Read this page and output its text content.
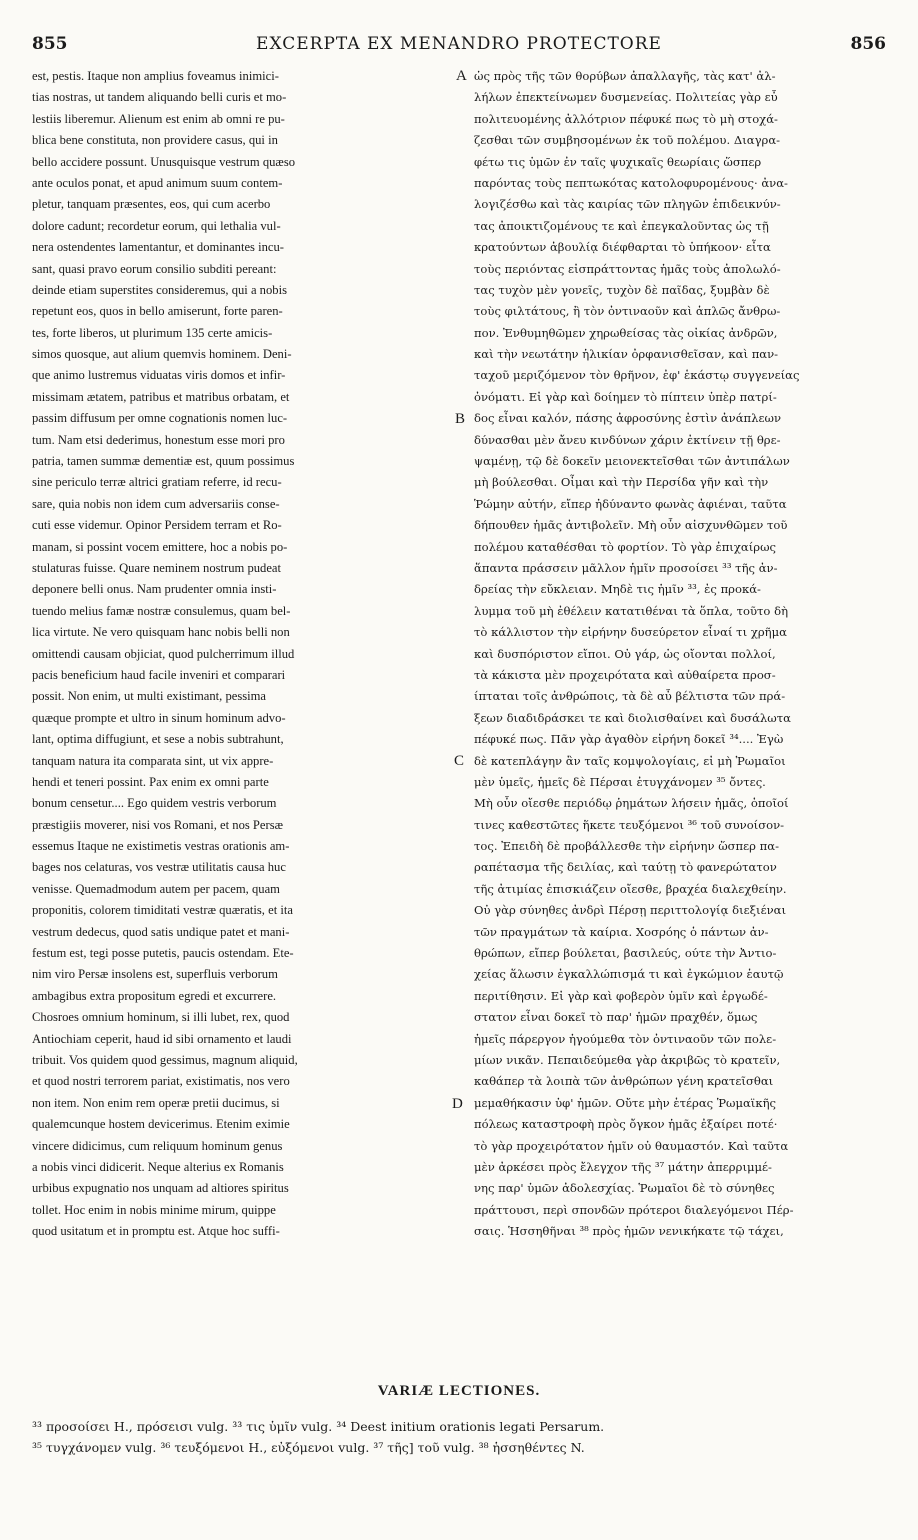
855	EXCERPTA EX MENANDRO PROTECTORE	856
est, pestis. Itaque non amplius foveamus inimici-
tias nostras, ut tandem aliquando belli curis et mo-
lestiis liberemur. Alienum est enim ab omni re pu-
blica bene constituta, non providere casus, qui in
bello accidere possunt. Unusquisque vestrum quæso
ante oculos ponat, et apud animum suum contem-
pletur, tanquam præsentes, eos, qui cum acerbo
dolore cadunt; recordetur eorum, qui lethalia vul-
nera ostendentes lamentantur, et dominantes incu-
sant, quasi pravo eorum consilio subditi pereant:
deinde etiam superstites consideremus, qui a nobis
repetunt eos, quos in bello amiserunt, forte paren-
tes, forte liberos, ut plurimum 135 certe amicis-
simos quosque, aut alium quemvis hominem. Deni-
que animo lustremus viduatas viris domos et infir-
missimam ætatem, patribus et matribus orbatam, et
passim diffusum per omne cognationis nomen luc-
tum. Nam etsi dederimus, honestum esse mori pro
patria, tamen summæ dementiæ est, quum possimus
sine periculo terræ altrici gratiam referre, id recu-
sare, quia nobis non idem cum adversariis conse-
cuti esse videmur. Opinor Persidem terram et Ro-
manam, si possint vocem emittere, hoc a nobis po-
stulaturas fuisse. Quare neminem nostrum pudeat
deponere belli onus. Nam prudenter omnia insti-
tuendo melius famæ nostræ consulemus, quam bel-
lica virtute. Ne vero quisquam hanc nobis belli non
omittendi causam objiciat, quod pulcherrimum illud
pacis beneficium haud facile inveniri et comparari
possit. Non enim, ut multi existimant, pessima
quæque prompte et ultro in sinum hominum advo-
lant, optima diffugiunt, et sese a nobis subtrahunt,
tanquam natura ita comparata sint, ut vix appre-
hendi et teneri possint. Pax enim ex omni parte
bonum censetur.... Ego quidem vestris verborum
præstigiis moverer, nisi vos Romani, et nos Persæ
essemus Itaque ne existimetis vestras orationis am-
bages nos celaturas, vos vestræ utilitatis causa huc
venisse. Quemadmodum autem per pacem, quam
proponitis, colorem timiditati vestræ quæratis, et ita
vestrum dedecus, quod satis undique patet et mani-
festum est, tegi posse putetis, paucis ostendam. Ete-
nim viro Persæ insolens est, superfluis verborum
ambagibus extra propositum egredi et excurrere.
Chosroes omnium hominum, si illi lubet, rex, quod
Antiochiam ceperit, haud id sibi ornamento et laudi
tribuit. Vos quidem quod gessimus, magnum aliquid,
et quod nostri terrorem pariat, existimatis, nos vero
non item. Non enim rem operæ pretii ducimus, si
qualemcunque hostem devicerimus. Etenim eximie
vincere didicimus, cum reliquum hominum genus
a nobis vinci didicerit. Neque alterius ex Romanis
urbibus expugnatio nos unquam ad altiores spiritus
tollet. Hoc enim in nobis minime mirum, quippe
quod usitatum et in promptu est. Atque hoc suffi-
ὡς πρὸς τῆς τῶν θορύβων ἀπαλλαγῆς, τὰς κατ' ἀλ-
λήλων ἐπεκτείνωμεν δυσμενείας. Πολιτείας γὰρ εὖ
πολιτευομένης ἀλλότριον πέφυκέ πως τὸ μὴ στοχά-
ζεσθαι τῶν συμβησομένων ἐκ τοῦ πολέμου. Διαγρα-
φέτω τις ὑμῶν ἐν ταῖς ψυχικαῖς θεωρίαις ὥσπερ
παρόντας τοὺς πεπτωκότας κατολοφυρομένους· ἀνα-
λογιζέσθω καὶ τὰς καιρίας τῶν πληγῶν ἐπιδεικνύν-
τας ἀποικτιζομένους τε καὶ ἐπεγκαλοῦντας ὡς τῇ
κρατούντων ἀβουλίᾳ διέφθαρται τὸ ὑπήκοον· εἶτα
τοὺς περιόντας εἰσπράττοντας ἡμᾶς τοὺς ἀπολωλό-
τας τυχὸν μὲν γονεῖς, τυχὸν δὲ παῖδας, ξυμβὰν δὲ
τοὺς φιλτάτους, ἢ τὸν ὀντιναοῦν καὶ ἁπλῶς ἄνθρω-
πον. Ἐνθυμηθῶμεν χηρωθείσας τὰς οἰκίας ἀνδρῶν,
καὶ τὴν νεωτάτην ἡλικίαν ὀρφανισθεῖσαν, καὶ παν-
ταχοῦ μεριζόμενον τὸν θρῆνον, ἐφ' ἑκάστῳ συγγενείας
ὀνόματι. Εἰ γὰρ καὶ δοίημεν τὸ πίπτειν ὑπὲρ πατρί-
δος εἶναι καλόν, πάσης ἀφροσύνης ἐστὶν ἀνάπλεων
δύνασθαι μὲν ἄνευ κινδύνων χάριν ἐκτίνειν τῇ θρε-
ψαμένῃ, τῷ δὲ δοκεῖν μειονεκτεῖσθαι τῶν ἀντιπάλων
μὴ βούλεσθαι. Οἶμαι καὶ τὴν Περσίδα γῆν καὶ τὴν
Ῥώμην αὐτήν, εἴπερ ἠδύναντο φωνὰς ἀφιέναι, ταῦτα
δήπουθεν ἡμᾶς ἀντιβολεῖν. Μὴ οὖν αἰσχυνθῶμεν τοῦ
πολέμου καταθέσθαι τὸ φορτίον. Τὸ γὰρ ἐπιχαίρως
ἅπαντα πράσσειν μᾶλλον ἡμῖν προσοίσει ³³ τῆς ἀν-
δρείας τὴν εὔκλειαν. Μηδὲ τις ἡμῖν ³³, ἐς προκά-
λυμμα τοῦ μὴ ἐθέλειν κατατιθέναι τὰ ὅπλα, τοῦτο δὴ
τὸ κάλλιστον τὴν εἰρήνην δυσεύρετον εἶναί τι χρῆμα
καὶ δυσπόριστον εἴποι. Οὐ γάρ, ὡς οἴονται πολλοί,
τὰ κάκιστα μὲν προχειρότατα καὶ αὐθαίρετα προσ-
ίπταται τοῖς ἀνθρώποις, τὰ δὲ αὖ βέλτιστα τῶν πρά-
ξεων διαδιδράσκει τε καὶ διολισθαίνει καὶ δυσάλωτα
πέφυκέ πως. Πᾶν γὰρ ἀγαθὸν εἰρήνη δοκεῖ ³⁴.... Ἐγὼ
δὲ κατεπλάγην ἂν ταῖς κομψολογίαις, εἰ μὴ Ῥωμαῖοι
μὲν ὑμεῖς, ἡμεῖς δὲ Πέρσαι ἐτυγχάνομεν ³⁵ ὄντες.
Μὴ οὖν οἴεσθε περιόδῳ ῥημάτων λήσειν ἡμᾶς, ὁποῖοί
τινες καθεστῶτες ἥκετε τευξόμενοι ³⁶ τοῦ συνοίσον-
τος. Ἐπειδὴ δὲ προβάλλεσθε τὴν εἰρήνην ὥσπερ πα-
ραπέτασμα τῆς δειλίας, καὶ ταύτῃ τὸ φανερώτατον
τῆς ἀτιμίας ἐπισκιάζειν οἴεσθε, βραχέα διαλεχθείην.
Οὐ γὰρ σύνηθες ἀνδρὶ Πέρσῃ περιττολογίᾳ διεξιέναι
τῶν πραγμάτων τὰ καίρια. Χοσρόης ὁ πάντων ἀν-
θρώπων, εἴπερ βούλεται, βασιλεύς, ούτε τὴν Ἀντιο-
χείας ἅλωσιν ἐγκαλλώπισμά τι καὶ ἐγκώμιον ἑαυτῷ
περιτίθησιν. Εἰ γὰρ καὶ φοβερὸν ὑμῖν καὶ ἐργωδέ-
στατον εἶναι δοκεῖ τὸ παρ' ἡμῶν πραχθέν, ὅμως
ἡμεῖς πάρεργον ἡγούμεθα τὸν ὀντιναοῦν τῶν πολε-
μίων νικᾶν. Πεπαιδεύμεθα γὰρ ἀκριβῶς τὸ κρατεῖν,
καθάπερ τὰ λοιπὰ τῶν ἀνθρώπων γένη κρατεῖσθαι
μεμαθήκασιν ὑφ' ἡμῶν. Οὔτε μὴν ἑτέρας Ῥωμαϊκῆς
πόλεως καταστροφὴ πρὸς ὄγκον ἡμᾶς ἐξαίρει ποτέ·
τὸ γὰρ προχειρότατον ἡμῖν οὐ θαυμαστόν. Καὶ ταῦτα
μὲν ἀρκέσει πρὸς ἔλεγχον τῆς ³⁷ μάτην ἀπερριμμέ-
νης παρ' ὑμῶν ἀδολεσχίας. Ῥωμαῖοι δὲ τὸ σύνηθες
πράττουσι, περὶ σπονδῶν πρότεροι διαλεγόμενοι Πέρ-
σαις. Ἡσσηθῆναι ³⁸ πρὸς ἡμῶν νενικήκατε τῷ τάχει,
A
B
C
D
VARIÆ LECTIONES.
³³ προσοίσει H., πρόσεισι vulg. ³³ τις ὑμῖν vulg. ³⁴ Deest initium orationis legati Persarum.
³⁵ τυγχάνομεν vulg. ³⁶ τευξόμενοι H., εὐξόμενοι vulg. ³⁷ τῆς] τοῦ vulg. ³⁸ ἡσσηθέντες N.
